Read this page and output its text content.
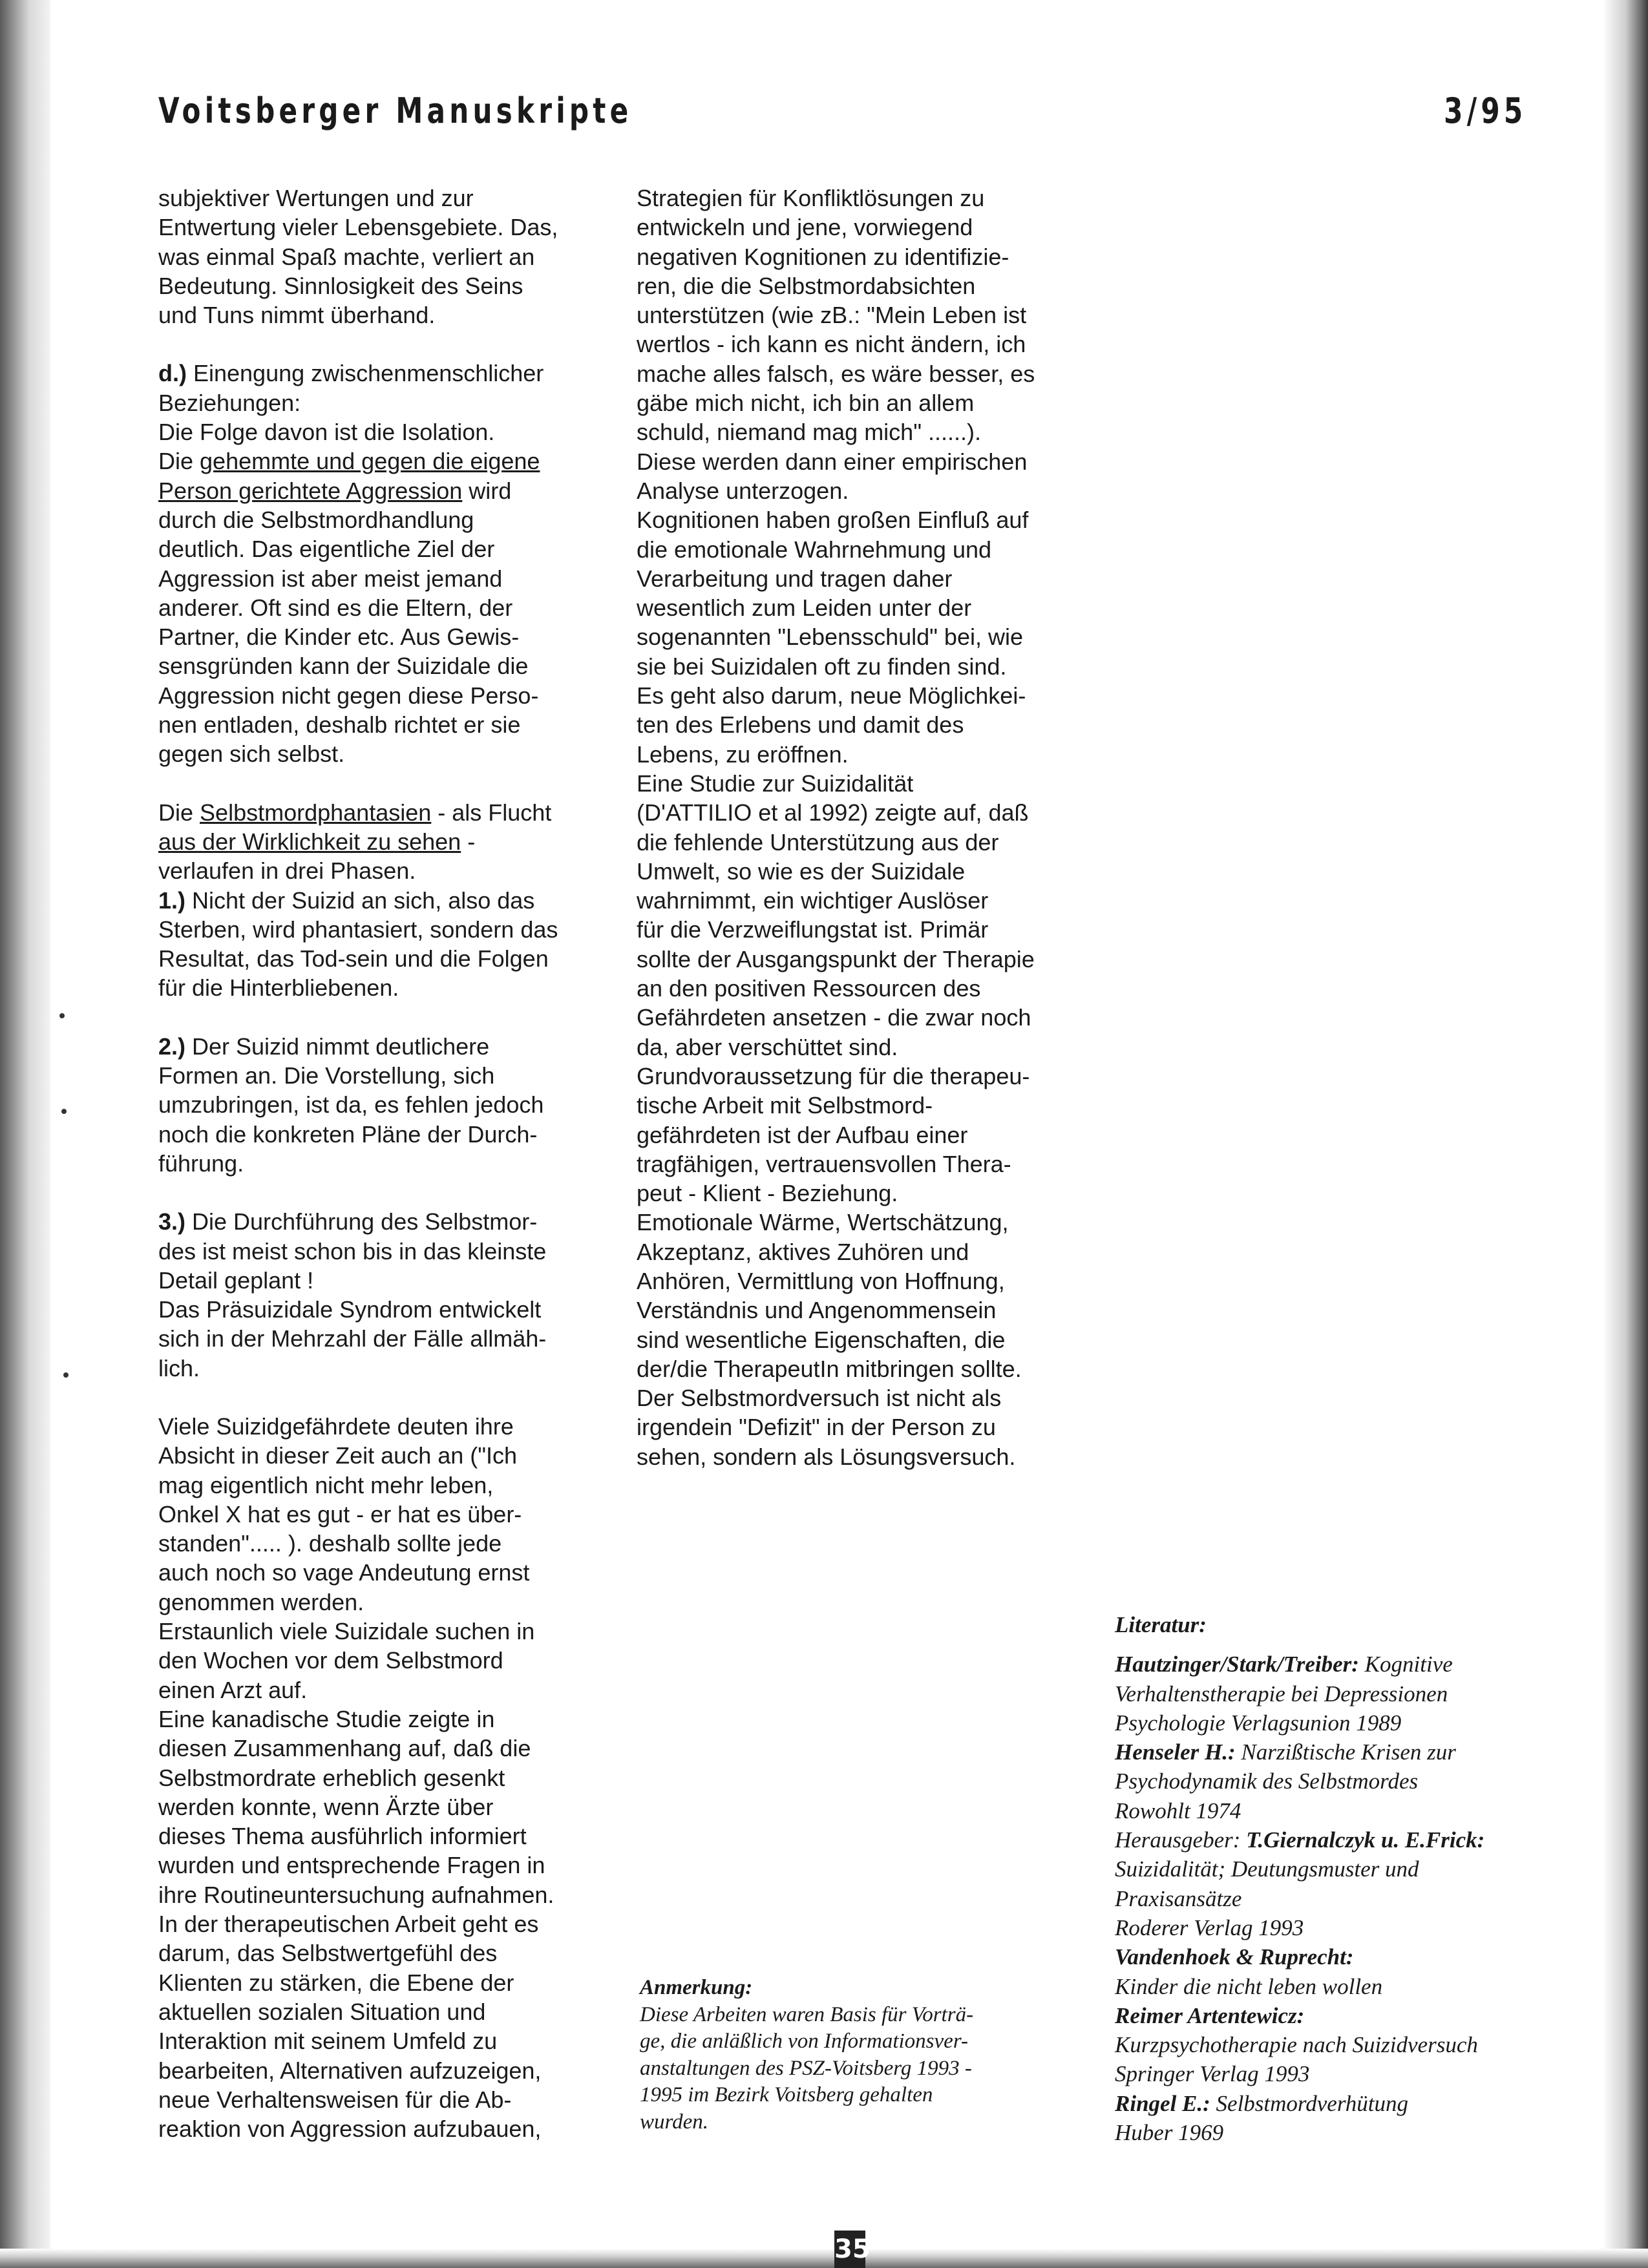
Voitsberger Manuskripte	3/95
subjektiver Wertungen und zur
Entwertung vieler Lebensgebiete. Das,
was einmal Spaß machte, verliert an
Bedeutung. Sinnlosigkeit des Seins
und Tuns nimmt überhand.
d.) Einengung zwischenmenschlicher
Beziehungen:
Die Folge davon ist die Isolation.
Die gehemmte und gegen die eigene
Person gerichtete Aggression wird
durch die Selbstmordhandlung
deutlich. Das eigentliche Ziel der
Aggression ist aber meist jemand
anderer. Oft sind es die Eltern, der
Partner, die Kinder etc. Aus Gewis-
sensgründen kann der Suizidale die
Aggression nicht gegen diese Perso-
nen entladen, deshalb richtet er sie
gegen sich selbst.
Die Selbstmordphantasien - als Flucht
aus der Wirklichkeit zu sehen -
verlaufen in drei Phasen.
1.) Nicht der Suizid an sich, also das
Sterben, wird phantasiert, sondern das
Resultat, das Tod-sein und die Folgen
für die Hinterbliebenen.
2.) Der Suizid nimmt deutlichere
Formen an. Die Vorstellung, sich
umzubringen, ist da, es fehlen jedoch
noch die konkreten Pläne der Durch-
führung.
3.) Die Durchführung des Selbstmor-
des ist meist schon bis in das kleinste
Detail geplant !
Das Präsuizidale Syndrom entwickelt
sich in der Mehrzahl der Fälle allmäh-
lich.
Viele Suizidgefährdete deuten ihre
Absicht in dieser Zeit auch an ("Ich
mag eigentlich nicht mehr leben,
Onkel X hat es gut - er hat es über-
standen"..... ). deshalb sollte jede
auch noch so vage Andeutung ernst
genommen werden.
Erstaunlich viele Suizidale suchen in
den Wochen vor dem Selbstmord
einen Arzt auf.
Eine kanadische Studie zeigte in
diesen Zusammenhang auf, daß die
Selbstmordrate erheblich gesenkt
werden konnte, wenn Ärzte über
dieses Thema ausführlich informiert
wurden und entsprechende Fragen in
ihre Routineuntersuchung aufnahmen.
In der therapeutischen Arbeit geht es
darum, das Selbstwertgefühl des
Klienten zu stärken, die Ebene der
aktuellen sozialen Situation und
Interaktion mit seinem Umfeld zu
bearbeiten, Alternativen aufzuzeigen,
neue Verhaltensweisen für die Ab-
reaktion von Aggression aufzubauen,
Strategien für Konfliktlösungen zu
entwickeln und jene, vorwiegend
negativen Kognitionen zu identifizie-
ren, die die Selbstmordabsichten
unterstützen (wie zB.: "Mein Leben ist
wertlos - ich kann es nicht ändern, ich
mache alles falsch, es wäre besser, es
gäbe mich nicht, ich bin an allem
schuld, niemand mag mich" ......).
Diese werden dann einer empirischen
Analyse unterzogen.
Kognitionen haben großen Einfluß auf
die emotionale Wahrnehmung und
Verarbeitung und tragen daher
wesentlich zum Leiden unter der
sogenannten "Lebensschuld" bei, wie
sie bei Suizidalen oft zu finden sind.
Es geht also darum, neue Möglichkei-
ten des Erlebens und damit des
Lebens, zu eröffnen.
Eine Studie zur Suizidalität
(D'ATTILIO et al 1992) zeigte auf, daß
die fehlende Unterstützung aus der
Umwelt, so wie es der Suizidale
wahrnimmt, ein wichtiger Auslöser
für die Verzweiflungstat ist. Primär
sollte der Ausgangspunkt der Therapie
an den positiven Ressourcen des
Gefährdeten ansetzen - die zwar noch
da, aber verschüttet sind.
Grundvoraussetzung für die therapeu-
tische Arbeit mit Selbstmord-
gefährdeten ist der Aufbau einer
tragfähigen, vertrauensvollen Thera-
peut - Klient - Beziehung.
Emotionale Wärme, Wertschätzung,
Akzeptanz, aktives Zuhören und
Anhören, Vermittlung von Hoffnung,
Verständnis und Angenommensein
sind wesentliche Eigenschaften, die
der/die TherapeutIn mitbringen sollte.
Der Selbstmordversuch ist nicht als
irgendein "Defizit" in der Person zu
sehen, sondern als Lösungsversuch.
Anmerkung:
Diese Arbeiten waren Basis für Vorträ-
ge, die anläßlich von Informationsver-
anstaltungen des PSZ-Voitsberg 1993 -
1995 im Bezirk Voitsberg gehalten
wurden.
Literatur:
Hautzinger/Stark/Treiber: Kognitive
Verhaltenstherapie bei Depressionen
Psychologie Verlagsunion 1989
Henseler H.: Narzißtische Krisen zur
Psychodynamik des Selbstmordes
Rowohlt 1974
Herausgeber: T.Giernalczyk u. E.Frick:
Suizidalität; Deutungsmuster und
Praxisansätze
Roderer Verlag 1993
Vandenhoek & Ruprecht:
Kinder die nicht leben wollen
Reimer Artentewicz:
Kurzpsychotherapie nach Suizidversuch
Springer Verlag 1993
Ringel E.: Selbstmordverhütung
Huber 1969
35
